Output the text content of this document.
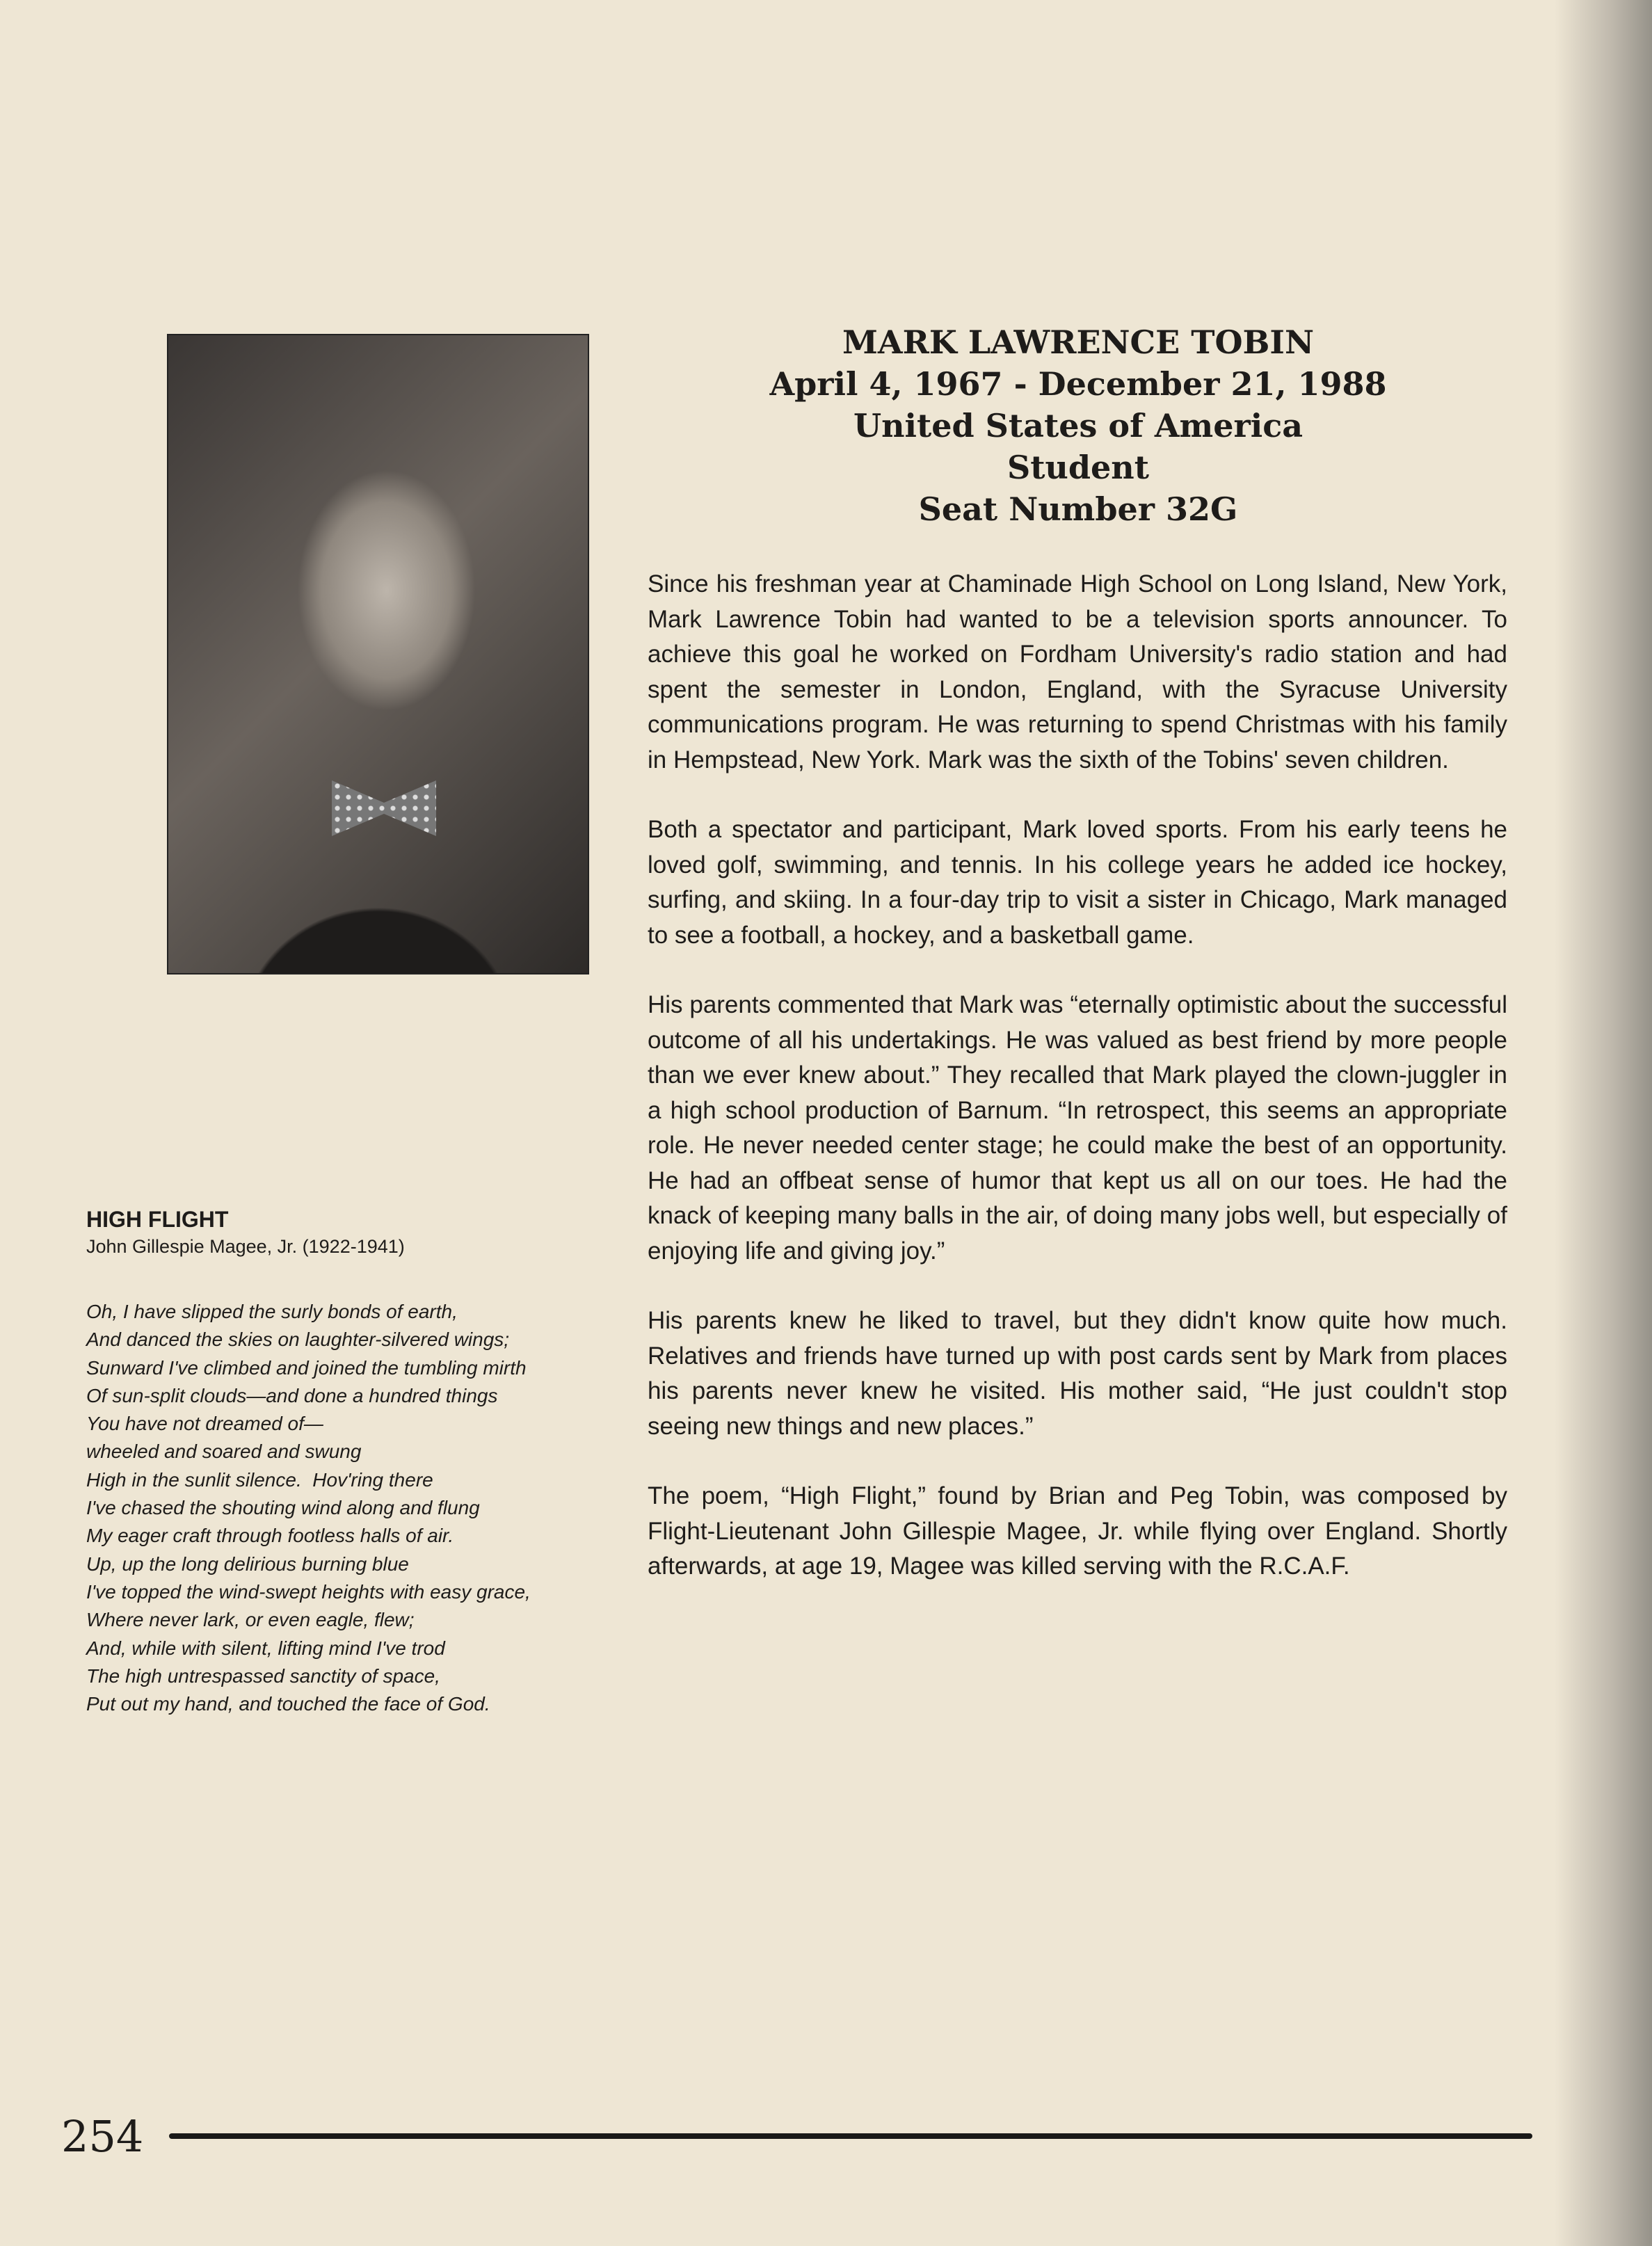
MARK LAWRENCE TOBIN
April 4, 1967 - December 21, 1988
United States of America
Student
Seat Number 32G

Since his freshman year at Chaminade High School on Long Island, New York, Mark Lawrence Tobin had wanted to be a television sports announcer. To achieve this goal he worked on Fordham University's radio station and had spent the semester in London, England, with the Syracuse University communications program. He was returning to spend Christmas with his family in Hempstead, New York. Mark was the sixth of the Tobins' seven children.

Both a spectator and participant, Mark loved sports. From his early teens he loved golf, swimming, and tennis. In his college years he added ice hockey, surfing, and skiing. In a four-day trip to visit a sister in Chicago, Mark managed to see a football, a hockey, and a basketball game.

His parents commented that Mark was “eternally optimistic about the successful outcome of all his undertakings. He was valued as best friend by more people than we ever knew about.” They recalled that Mark played the clown-juggler in a high school production of Barnum. “In retrospect, this seems an appropriate role. He never needed center stage; he could make the best of an opportunity. He had an offbeat sense of humor that kept us all on our toes. He had the knack of keeping many balls in the air, of doing many jobs well, but especially of enjoying life and giving joy.”

His parents knew he liked to travel, but they didn't know quite how much. Relatives and friends have turned up with post cards sent by Mark from places his parents never knew he visited. His mother said, “He just couldn't stop seeing new things and new places.”

The poem, “High Flight,” found by Brian and Peg Tobin, was composed by Flight-Lieutenant John Gillespie Magee, Jr. while flying over England. Shortly afterwards, at age 19, Magee was killed serving with the R.C.A.F.

HIGH FLIGHT
John Gillespie Magee, Jr. (1922-1941)
Oh, I have slipped the surly bonds of earth,
And danced the skies on laughter-silvered wings;
Sunward I've climbed and joined the tumbling mirth
Of sun-split clouds—and done a hundred things
You have not dreamed of—
wheeled and soared and swung
High in the sunlit silence.  Hov'ring there
I've chased the shouting wind along and flung
My eager craft through footless halls of air.
Up, up the long delirious burning blue
I've topped the wind-swept heights with easy grace,
Where never lark, or even eagle, flew;
And, while with silent, lifting mind I've trod
The high untrespassed sanctity of space,
Put out my hand, and touched the face of God.
254
